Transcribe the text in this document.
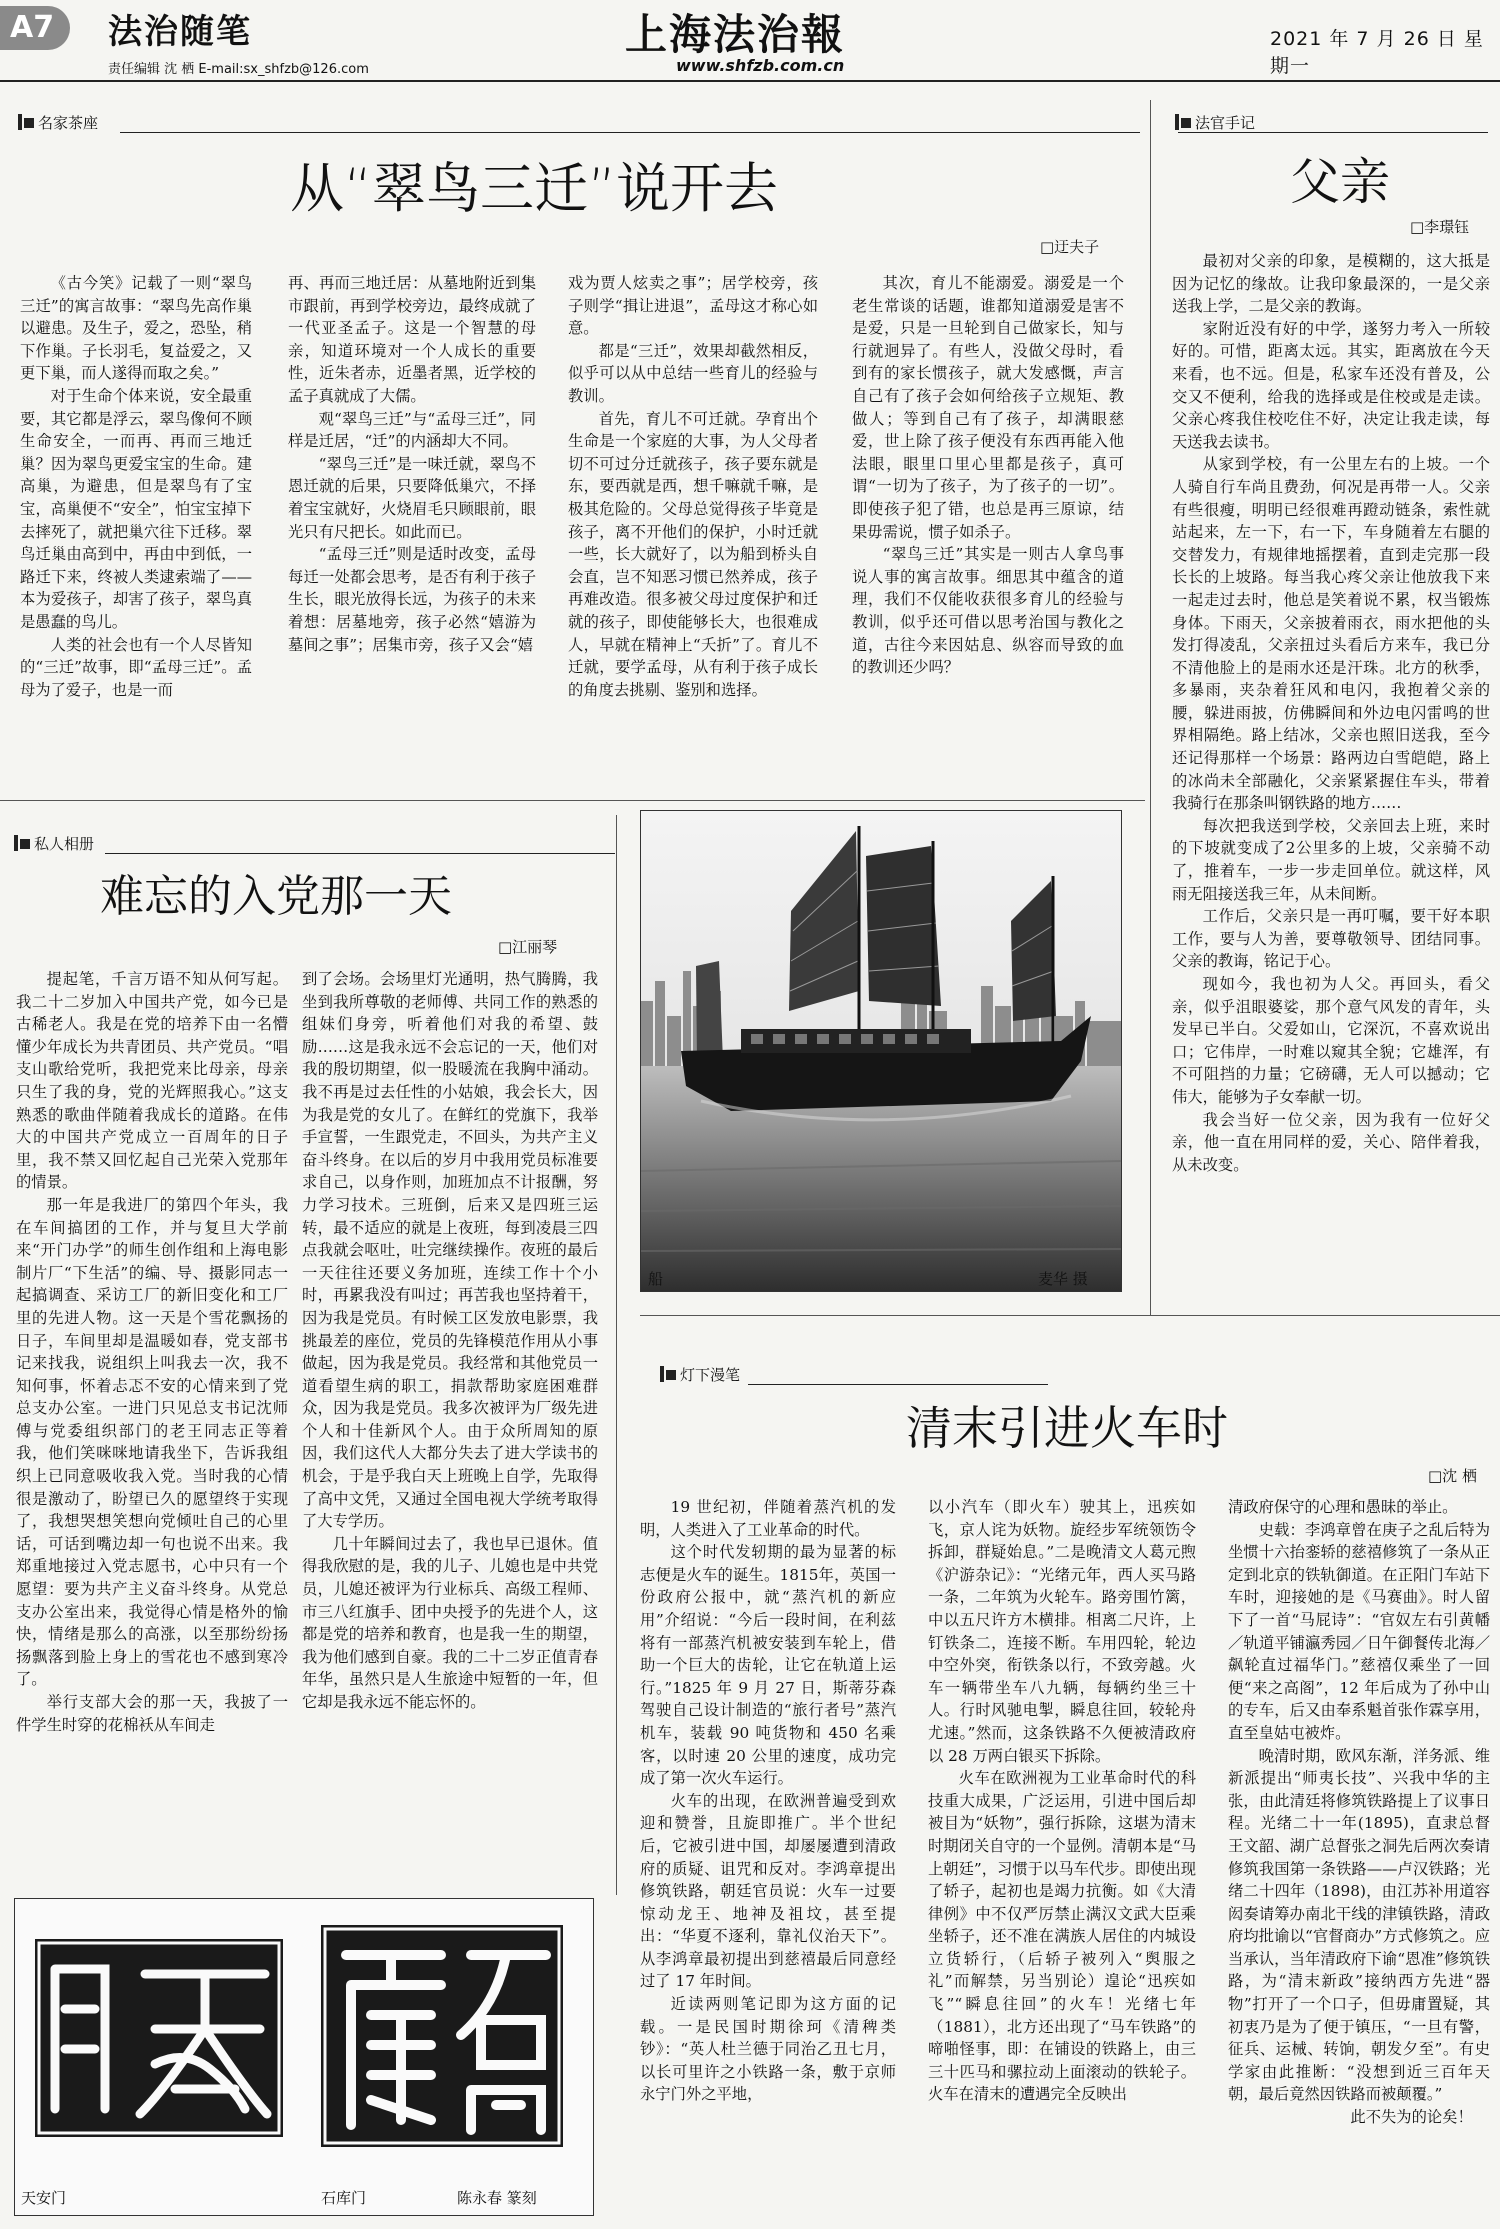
A7	法治随笔
责任编辑 沈 栖 E-mail:sx_shfzb@126.com
上海法治報
www.shfzb.com.cn
2021 年 7 月 26 日 星期一
名家茶座
从“翠鸟三迁”说开去
□迂夫子

《古今笑》记载了一则“翠鸟三迁”的寓言故事：“翠鸟先高作巢以避患。及生子，爱之，恐坠，稍下作巢。子长羽毛，复益爱之，又更下巢，而人遂得而取之矣。”

对于生命个体来说，安全最重要，其它都是浮云，翠鸟像何不顾生命安全，一而再、再而三地迁巢？因为翠鸟更爱宝宝的生命。建高巢，为避患，但是翠鸟有了宝宝，高巢便不“安全”，怕宝宝掉下去摔死了，就把巢穴往下迁移。翠鸟迁巢由高到中，再由中到低，一路迁下来，终被人类逮索端了——本为爱孩子，却害了孩子，翠鸟真是愚蠢的鸟儿。

人类的社会也有一个人尽皆知的“三迁”故事，即“孟母三迁”。孟母为了爱子，也是一而

再、再而三地迁居：从墓地附近到集市跟前，再到学校旁边，最终成就了一代亚圣孟子。这是一个智慧的母亲，知道环境对一个人成长的重要性，近朱者赤，近墨者黑，近学校的孟子真就成了大儒。

观“翠鸟三迁”与“孟母三迁”，同样是迁居，“迁”的内涵却大不同。

“翠鸟三迁”是一味迁就，翠鸟不恩迁就的后果，只要降低巢穴，不择着宝宝就好，火烧眉毛只顾眼前，眼光只有尺把长。如此而已。

“孟母三迁”则是适时改变，孟母每迁一处都会思考，是否有利于孩子生长，眼光放得长远，为孩子的未来着想：居墓地旁，孩子必然“嬉游为墓间之事”；居集市旁，孩子又会“嬉

戏为贾人炫卖之事”；居学校旁，孩子则学“揖让进退”，孟母这才称心如意。

都是“三迁”，效果却截然相反，似乎可以从中总结一些育儿的经验与教训。

首先，育儿不可迁就。孕育出个生命是一个家庭的大事，为人父母者切不可过分迁就孩子，孩子要东就是东，要西就是西，想千嘛就千嘛，是极其危险的。父母总觉得孩子毕竟是孩子，离不开他们的保护，小时迁就一些，长大就好了，以为船到桥头自会直，岂不知恶习惯已然养成，孩子再难改造。很多被父母过度保护和迁就的孩子，即使能够长大，也很难成人，早就在精神上“夭折”了。育儿不迁就，要学孟母，从有利于孩子成长的角度去挑剔、鉴别和选择。

其次，育儿不能溺爱。溺爱是一个老生常谈的话题，谁都知道溺爱是害不是爱，只是一旦轮到自己做家长，知与行就迥异了。有些人，没做父母时，看到有的家长惯孩子，就大发感慨，声言自己有了孩子会如何给孩子立规矩、教做人；等到自己有了孩子，却满眼慈爱，世上除了孩子便没有东西再能入他法眼，眼里口里心里都是孩子，真可谓“一切为了孩子，为了孩子的一切”。即使孩子犯了错，也总是再三原谅，结果毋需说，惯子如杀子。

“翠鸟三迁”其实是一则古人拿鸟事说人事的寓言故事。细思其中蕴含的道理，我们不仅能收获很多育儿的经验与教训，似乎还可借以思考治国与教化之道，古往今来因姑息、纵容而导致的血的教训还少吗？

法官手记
父亲
□李璟钰

最初对父亲的印象，是模糊的，这大抵是因为记忆的缘故。让我印象最深的，一是父亲送我上学，二是父亲的教诲。

家附近没有好的中学，遂努力考入一所较好的。可惜，距离太远。其实，距离放在今天来看，也不远。但是，私家车还没有普及，公交又不便利，给我的选择或是住校或是走读。父亲心疼我住校吃住不好，决定让我走读，每天送我去读书。

从家到学校，有一公里左右的上坡。一个人骑自行车尚且费劲，何况是再带一人。父亲有些很瘦，明明已经很难再蹬动链条，索性就站起来，左一下，右一下，车身随着左右腿的交替发力，有规律地摇摆着，直到走完那一段长长的上坡路。每当我心疼父亲让他放我下来一起走过去时，他总是笑着说不累，权当锻炼身体。下雨天，父亲披着雨衣，雨水把他的头发打得凌乱，父亲扭过头看后方来车，我已分不清他脸上的是雨水还是汗珠。北方的秋季，多暴雨，夹杂着狂风和电闪，我抱着父亲的腰，躲进雨披，仿佛瞬间和外边电闪雷鸣的世界相隔绝。路上结冰，父亲也照旧送我，至今还记得那样一个场景：路两边白雪皑皑，路上的冰尚未全部融化，父亲紧紧握住车头，带着我骑行在那条叫钢铁路的地方……

每次把我送到学校，父亲回去上班，来时的下坡就变成了2公里多的上坡，父亲骑不动了，推着车，一步一步走回单位。就这样，风雨无阻接送我三年，从未间断。

工作后，父亲只是一再叮嘱，要干好本职工作，要与人为善，要尊敬领导、团结同事。父亲的教诲，铭记于心。

现如今，我也初为人父。再回头，看父亲，似乎沮眼婆娑，那个意气风发的青年，头发早已半白。父爱如山，它深沉，不喜欢说出口；它伟岸，一时难以窥其全貌；它雄浑，有不可阻挡的力量；它磅礴，无人可以撼动；它伟大，能够为子女奉献一切。

我会当好一位父亲，因为我有一位好父亲，他一直在用同样的爱，关心、陪伴着我，从未改变。

私人相册
难忘的入党那一天
□江丽琴

提起笔，千言万语不知从何写起。我二十二岁加入中国共产党，如今已是古稀老人。我是在党的培养下由一名懵懂少年成长为共青团员、共产党员。“唱支山歌给党听，我把党来比母亲，母亲只生了我的身，党的光辉照我心。”这支熟悉的歌曲伴随着我成长的道路。在伟大的中国共产党成立一百周年的日子里，我不禁又回忆起自己光荣入党那年的情景。

那一年是我进厂的第四个年头，我在车间搞团的工作，并与复旦大学前来“开门办学”的师生创作组和上海电影制片厂“下生活”的编、导、摄影同志一起搞调查、采访工厂的新旧变化和工厂里的先进人物。这一天是个雪花飘扬的日子，车间里却是温暖如春，党支部书记来找我，说组织上叫我去一次，我不知何事，怀着忐忑不安的心情来到了党总支办公室。一进门只见总支书记沈师傅与党委组织部门的老王同志正等着我，他们笑咪咪地请我坐下，告诉我组织上已同意吸收我入党。当时我的心情很是激动了，盼望已久的愿望终于实现了，我想哭想笑想向党倾吐自己的心里话，可话到嘴边却一句也说不出来。我郑重地接过入党志愿书，心中只有一个愿望：要为共产主义奋斗终身。从党总支办公室出来，我觉得心情是格外的愉快，情绪是那么的高涨，以至那纷纷扬扬飘落到脸上身上的雪花也不感到寒冷了。

举行支部大会的那一天，我披了一件学生时穿的花棉袄从车间走

到了会场。会场里灯光通明，热气腾腾，我坐到我所尊敬的老师傅、共同工作的熟悉的组妹们身旁，听着他们对我的希望、鼓励……这是我永远不会忘记的一天，他们对我的殷切期望，似一股暖流在我胸中涌动。我不再是过去任性的小姑娘，我会长大，因为我是党的女儿了。在鲜红的党旗下，我举手宣誓，一生跟党走，不回头，为共产主义奋斗终身。在以后的岁月中我用党员标准要求自己，以身作则，加班加点不计报酬，努力学习技术。三班倒，后来又是四班三运转，最不适应的就是上夜班，每到凌晨三四点我就会呕吐，吐完继续操作。夜班的最后一天往往还要义务加班，连续工作十个小时，再累我没有叫过；再苦我也坚持着干，因为我是党员。有时候工区发放电影票，我挑最差的座位，党员的先锋模范作用从小事做起，因为我是党员。我经常和其他党员一道看望生病的职工，捐款帮助家庭困难群众，因为我是党员。我多次被评为厂级先进个人和十佳新风个人。由于众所周知的原因，我们这代人大都分失去了进大学读书的机会，于是乎我白天上班晚上自学，先取得了高中文凭，又通过全国电视大学统考取得了大专学历。

几十年瞬间过去了，我也早已退休。值得我欣慰的是，我的儿子、儿媳也是中共党员，儿媳还被评为行业标兵、高级工程师、市三八红旗手、团中央授予的先进个人，这都是党的培养和教育，也是我一生的期望，我为他们感到自豪。我的二十二岁正值青春年华，虽然只是人生旅途中短暂的一年，但它却是我永远不能忘怀的。

船	麦华 摄
灯下漫笔
清末引进火车时
□沈 栖

19 世纪初，伴随着蒸汽机的发明，人类进入了工业革命的时代。

这个时代发轫期的最为显著的标志便是火车的诞生。1815年，英国一份政府公报中，就“蒸汽机的新应用”介绍说：“今后一段时间，在利兹将有一部蒸汽机被安装到车轮上，借助一个巨大的齿轮，让它在轨道上运行。”1825 年 9 月 27 日，斯蒂芬森驾驶自己设计制造的“旅行者号”蒸汽机车，装载 90 吨货物和 450 名乘客，以时速 20 公里的速度，成功完成了第一次火车运行。

火车的出现，在欧洲普遍受到欢迎和赞誉，且旋即推广。半个世纪后，它被引进中国，却屡屡遭到清政府的质疑、诅咒和反对。李鸿章提出修筑铁路，朝廷官员说：火车一过要惊动龙王、地神及祖坟，甚至提出：“华夏不逐利，靠礼仪治天下”。从李鸿章最初提出到慈禧最后同意经过了 17 年时间。

近读两则笔记即为这方面的记载。一是民国时期徐珂《清稗类钞》：“英人杜兰德于同治乙丑七月，以长可里许之小铁路一条，敷于京师永宁门外之平地，

以小汽车（即火车）驶其上，迅疾如飞，京人诧为妖物。旋经步军统领饬令拆卸，群疑始息。”二是晚清文人葛元煦《沪游杂记》：“光绪元年，西人买马路一条，二年筑为火轮车。路旁围竹篱，中以五尺许方木横排。相离二尺许，上钉铁条二，连接不断。车用四轮，轮边中空外突，衔铁条以行，不致旁越。火车一辆带坐车八九辆，每辆约坐三十人。行时风驰电掣，瞬息往回，较轮舟尤速。”然而，这条铁路不久便被清政府以 28 万两白银买下拆除。

火车在欧洲视为工业革命时代的科技重大成果，广泛运用，引进中国后却被目为“妖物”，强行拆除，这堪为清末时期闭关自守的一个显例。清朝本是“马上朝廷”，习惯于以马车代步。即使出现了轿子，起初也是竭力抗衡。如《大清律例》中不仅严厉禁止满汉文武大臣乘坐轿子，还不准在满族人居住的内城设立货轿行，（后轿子被列入“舆服之礼”而解禁，另当别论）遑论“迅疾如飞”“瞬息往回”的火车！光绪七年（1881），北方还出现了“马车铁路”的啼啪怪事，即：在铺设的铁路上，由三三十匹马和骡拉动上面滚动的铁轮子。火车在清末的遭遇完全反映出

清政府保守的心理和愚昧的举止。

史载：李鸿章曾在庚子之乱后特为坐惯十六抬銮轿的慈禧修筑了一条从正定到北京的铁轨御道。在正阳门车站下车时，迎接她的是《马赛曲》。时人留下了一首“马屁诗”：“官奴左右引黄幡／轨道平铺瀛秀园／日午御餐传北海／飙轮直过福华门。”慈禧仅乘坐了一回便“来之高阁”，12 年后成为了孙中山的专车，后又由奉系魁首张作霖享用，直至皇姑屯被炸。

晚清时期，欧风东渐，洋务派、维新派提出“师夷长技”、兴我中华的主张，由此清廷将修筑铁路提上了议事日程。光绪二十一年(1895)，直隶总督王文韶、湖广总督张之洞先后两次奏请修筑我国第一条铁路——卢汉铁路；光绪二十四年（1898)，由江苏补用道容闳奏请筹办南北干线的津镇铁路，清政府均批谕以“官督商办”方式修筑之。应当承认，当年清政府下谕“恩准”修筑铁路，为“清末新政”接纳西方先进“器物”打开了一个口子，但毋庸置疑，其初衷乃是为了便于镇压，“一旦有警，征兵、运械、转饷，朝发夕至”。有史学家由此推断：“没想到近三百年天朝，最后竟然因铁路而被颠覆。”

此不失为的论矣！

天安门	石库门	陈永春 篆刻
